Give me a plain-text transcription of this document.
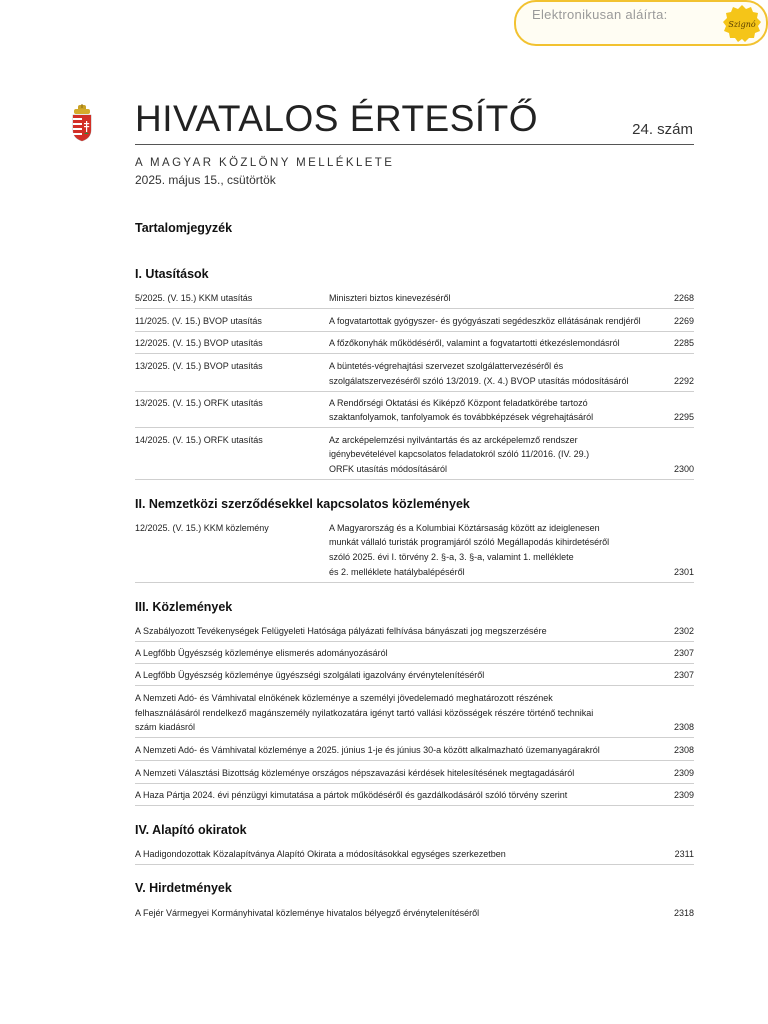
Elektronikusan aláírta:
Szignó
HIVATALOS ÉRTESÍTŐ	24. szám
A MAGYAR KÖZLÖNY MELLÉKLETE
2025. május 15., csütörtök
Tartalomjegyzék
I. Utasítások
5/2025. (V. 15.) KKM utasítás	Miniszteri biztos kinevezéséről	2268
11/2025. (V. 15.) BVOP utasítás	A fogvatartottak gyógyszer- és gyógyászati segédeszköz ellátásának rendjéről	2269
12/2025. (V. 15.) BVOP utasítás	A főzőkonyhák működéséről, valamint a fogvatartotti étkezéslemondásról	2285
13/2025. (V. 15.) BVOP utasítás	A büntetés-végrehajtási szervezet szolgálattervezéséről és
szolgálatszervezéséről szóló 13/2019. (X. 4.) BVOP utasítás módosításáról	2292
13/2025. (V. 15.) ORFK utasítás	A Rendőrségi Oktatási és Kiképző Központ feladatkörébe tartozó
szaktanfolyamok, tanfolyamok és továbbképzések végrehajtásáról	2295
14/2025. (V. 15.) ORFK utasítás	Az arcképelemzési nyilvántartás és az arcképelemző rendszer
igénybevételével kapcsolatos feladatokról szóló 11/2016. (IV. 29.)
ORFK utasítás módosításáról	2300
II. Nemzetközi szerződésekkel kapcsolatos közlemények
12/2025. (V. 15.) KKM közlemény	A Magyarország és a Kolumbiai Köztársaság között az ideiglenesen
munkát vállaló turisták programjáról szóló Megállapodás kihirdetéséről
szóló 2025. évi I. törvény 2. §-a, 3. §-a, valamint 1. melléklete
és 2. melléklete hatálybalépéséről	2301
III. Közlemények
A Szabályozott Tevékenységek Felügyeleti Hatósága pályázati felhívása bányászati jog megszerzésére	2302
A Legfőbb Ügyészség közleménye elismerés adományozásáról	2307
A Legfőbb Ügyészség közleménye ügyészségi szolgálati igazolvány érvénytelenítéséről	2307
A Nemzeti Adó- és Vámhivatal elnökének közleménye a személyi jövedelemadó meghatározott részének
felhasználásáról rendelkező magánszemély nyilatkozatára igényt tartó vallási közösségek részére történő technikai
szám kiadásról	2308
A Nemzeti Adó- és Vámhivatal közleménye a 2025. június 1-je és június 30-a között alkalmazható üzemanyagárakról	2308
A Nemzeti Választási Bizottság közleménye országos népszavazási kérdések hitelesítésének megtagadásáról	2309
A Haza Pártja 2024. évi pénzügyi kimutatása a pártok működéséről és gazdálkodásáról szóló törvény szerint	2309
IV. Alapító okiratok
A Hadigondozottak Közalapítványa Alapító Okirata a módosításokkal egységes szerkezetben	2311
V. Hirdetmények
A Fejér Vármegyei Kormányhivatal közleménye hivatalos bélyegző érvénytelenítéséről	2318
